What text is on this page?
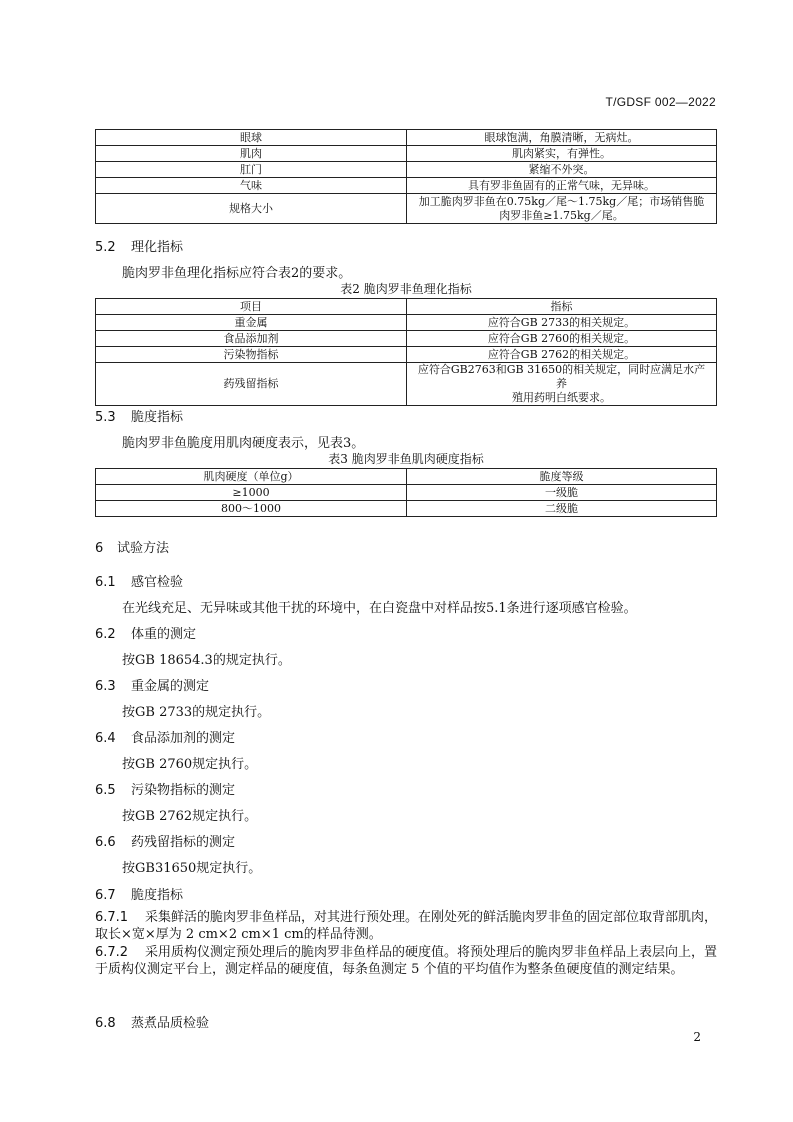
T/GDSF 002—2022
眼球	眼球饱满，角膜清晰，无病灶。
肌肉	肌肉紧实，有弹性。
肛门	紧缩不外突。
气味	具有罗非鱼固有的正常气味，无异味。
规格大小	加工脆肉罗非鱼在0.75kg／尾～1.75kg／尾；市场销售脆
肉罗非鱼≥1.75kg／尾。
5.2 理化指标
脆肉罗非鱼理化指标应符合表2的要求。
表2 脆肉罗非鱼理化指标
项目	指标
重金属	应符合GB 2733的相关规定。
食品添加剂	应符合GB 2760的相关规定。
污染物指标	应符合GB 2762的相关规定。
药残留指标	应符合GB2763和GB 31650的相关规定，同时应满足水产养
殖用药明白纸要求。
5.3 脆度指标
脆肉罗非鱼脆度用肌肉硬度表示，见表3。
表3 脆肉罗非鱼肌肉硬度指标
肌肉硬度（单位g）	脆度等级
≥1000	一级脆
800～1000	二级脆
6 试验方法
6.1 感官检验
在光线充足、无异味或其他干扰的环境中，在白瓷盘中对样品按5.1条进行逐项感官检验。
6.2 体重的测定
按GB 18654.3的规定执行。
6.3 重金属的测定
按GB 2733的规定执行。
6.4 食品添加剂的测定
按GB 2760规定执行。
6.5 污染物指标的测定
按GB 2762规定执行。
6.6 药残留指标的测定
按GB31650规定执行。
6.7 脆度指标
6.7.1 采集鲜活的脆肉罗非鱼样品，对其进行预处理。在刚处死的鲜活脆肉罗非鱼的固定部位取背部肌肉，取长×宽×厚为 2 cm×2 cm×1 cm的样品待测。
6.7.2 采用质构仪测定预处理后的脆肉罗非鱼样品的硬度值。将预处理后的脆肉罗非鱼样品上表层向上，置于质构仪测定平台上，测定样品的硬度值，每条鱼测定 5 个值的平均值作为整条鱼硬度值的测定结果。
6.8 蒸煮品质检验
2
